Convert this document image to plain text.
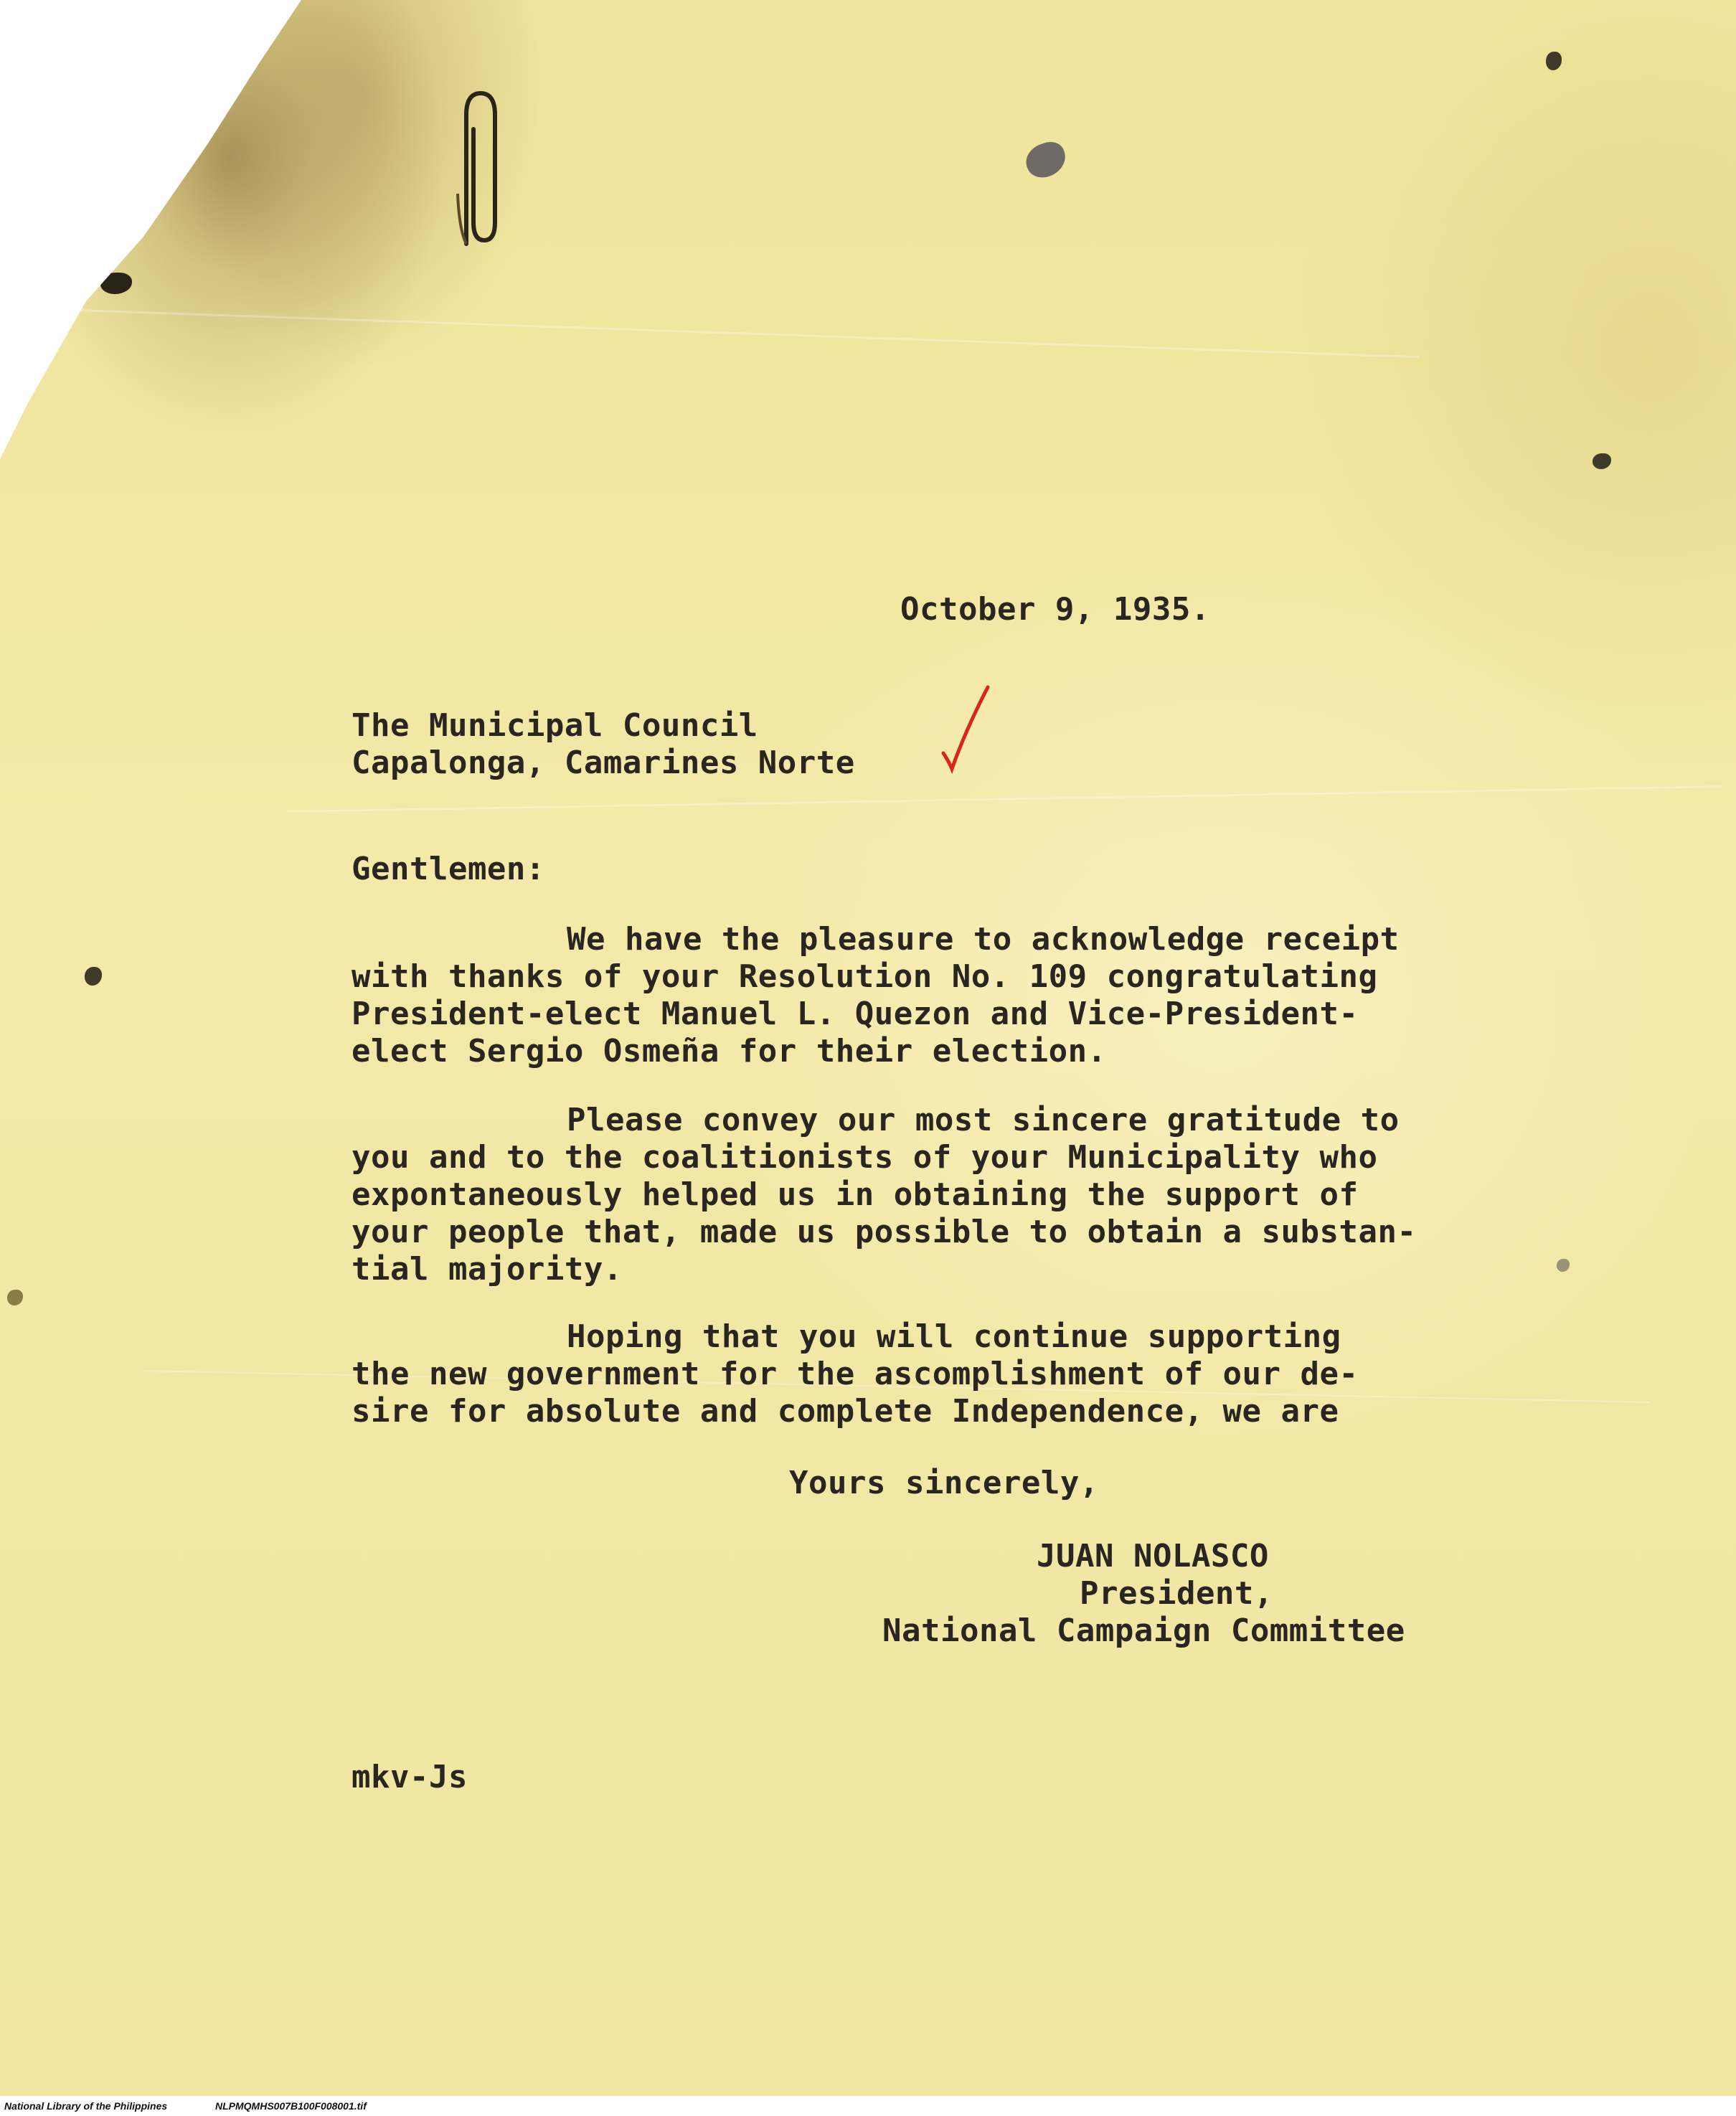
October 9, 1935.
The Municipal Council
Capalonga, Camarines Norte
Gentlemen:
We have the pleasure to acknowledge receipt
with thanks of your Resolution No. 109 congratulating
President-elect Manuel L. Quezon and Vice-President-
elect Sergio Osmeña for their election.
Please convey our most sincere gratitude to
you and to the coalitionists of your Municipality who
expontaneously helped us in obtaining the support of
your people that, made us possible to obtain a substan-
tial majority.
Hoping that you will continue supporting
the new government for the ascomplishment of our de-
sire for absolute and complete Independence, we are
Yours sincerely,
JUAN NOLASCO
President,
National Campaign Committee
mkv-Js
National Library of the Philippines	NLPMQMHS007B100F008001.tif
